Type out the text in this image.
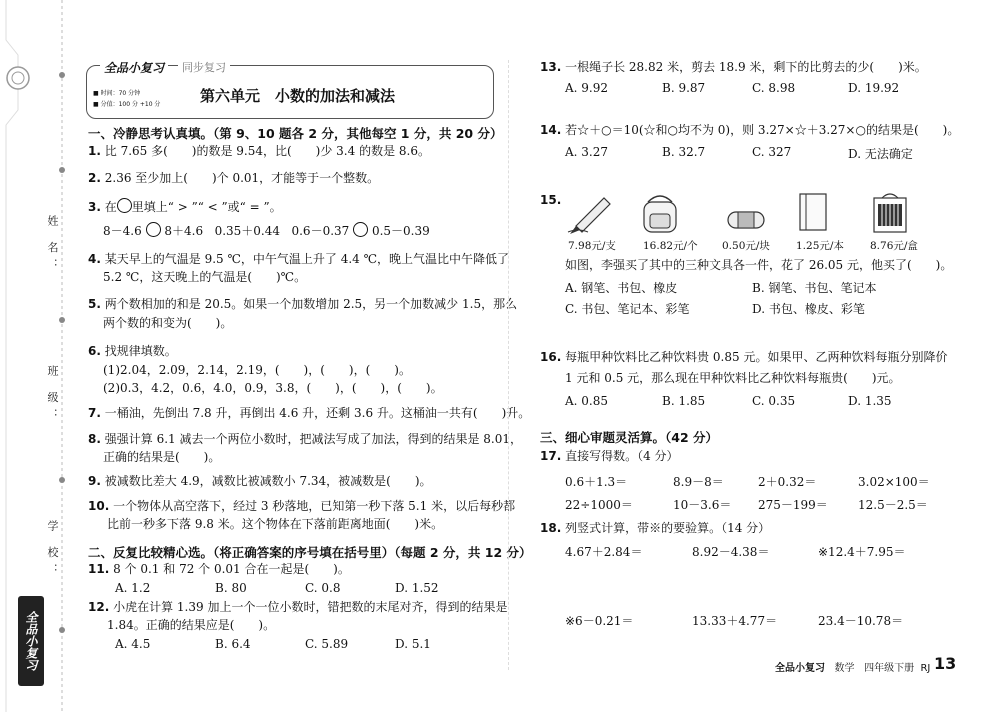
姓 名：
班 级：
学 校：
全品小复习
全品小复习	同步复习
■ 时间：70 分钟
■ 分值：100 分 +10 分	第六单元　小数的加法和减法
一、冷静思考认真填。（第 9、10 题各 2 分，其他每空 1 分，共 20 分）
1. 比 7.65 多(　　)的数是 9.54，比(　　)少 3.4 的数是 8.6。
2. 2.36 至少加上(　　)个 0.01，才能等于一个整数。
3. 在 里填上“ > ”“ < ”或“ = ”。
8－4.6 8＋4.6 0.35＋0.44 0.6－0.37 0.5－0.39
4. 某天早上的气温是 9.5 ℃，中午气温上升了 4.4 ℃，晚上气温比中午降低了
5.2 ℃，这天晚上的气温是(　　)℃。
5. 两个数相加的和是 20.5。如果一个加数增加 2.5，另一个加数减少 1.5，那么
两个数的和变为(　　)。
6. 找规律填数。
(1)2.04，2.09，2.14，2.19，(　　)，(　　)，(　　)。
(2)0.3，4.2，0.6，4.0，0.9，3.8，(　　)，(　　)，(　　)。
7. 一桶油，先倒出 7.8 升，再倒出 4.6 升，还剩 3.6 升。这桶油一共有(　　)升。
8. 强强计算 6.1 减去一个两位小数时，把减法写成了加法，得到的结果是 8.01，
正确的结果是(　　)。
9. 被减数比差大 4.9，减数比被减数小 7.34，被减数是(　　)。
10. 一个物体从高空落下，经过 3 秒落地，已知第一秒下落 5.1 米，以后每秒都
比前一秒多下落 9.8 米。这个物体在下落前距离地面(　　)米。
二、反复比较精心选。（将正确答案的序号填在括号里）（每题 2 分，共 12 分）
11. 8 个 0.1 和 72 个 0.01 合在一起是(　　)。
A. 1.2	B. 80	C. 0.8	D. 1.52
12. 小虎在计算 1.39 加上一个一位小数时，错把数的末尾对齐，得到的结果是
1.84。正确的结果应是(　　)。
A. 4.5	B. 6.4	C. 5.89	D. 5.1
13. 一根绳子长 28.82 米，剪去 18.9 米，剩下的比剪去的少(　　)米。
A. 9.92	B. 9.87	C. 8.98	D. 19.92
14. 若☆＋○＝10(☆和○均不为 0)，则 3.27×☆＋3.27×○的结果是(　　)。
A. 3.27	B. 32.7	C. 327	D. 无法确定
15.
7.98元/支	16.82元/个 0.50元/块 1.25元/本 8.76元/盒
如图，李强买了其中的三种文具各一件，花了 26.05 元，他买了(　　)。
A. 钢笔、书包、橡皮	B. 钢笔、书包、笔记本
C. 书包、笔记本、彩笔	D. 书包、橡皮、彩笔
16. 每瓶甲种饮料比乙种饮料贵 0.85 元。如果甲、乙两种饮料每瓶分别降价
1 元和 0.5 元，那么现在甲种饮料比乙种饮料每瓶贵(　　)元。
A. 0.85	B. 1.85	C. 0.35	D. 1.35
三、细心审题灵活算。（42 分）
17. 直接写得数。（4 分）
0.6＋1.3＝	8.9－8＝	2＋0.32＝	3.02×100＝
22÷1000＝	10－3.6＝ 275－199＝	12.5－2.5＝
18. 列竖式计算，带※的要验算。（14 分）
4.67＋2.84＝	8.92－4.38＝	※12.4＋7.95＝
※6－0.21＝	13.33＋4.77＝	23.4－10.78＝
全品小复习 数学 四年级下册 RJ 13
